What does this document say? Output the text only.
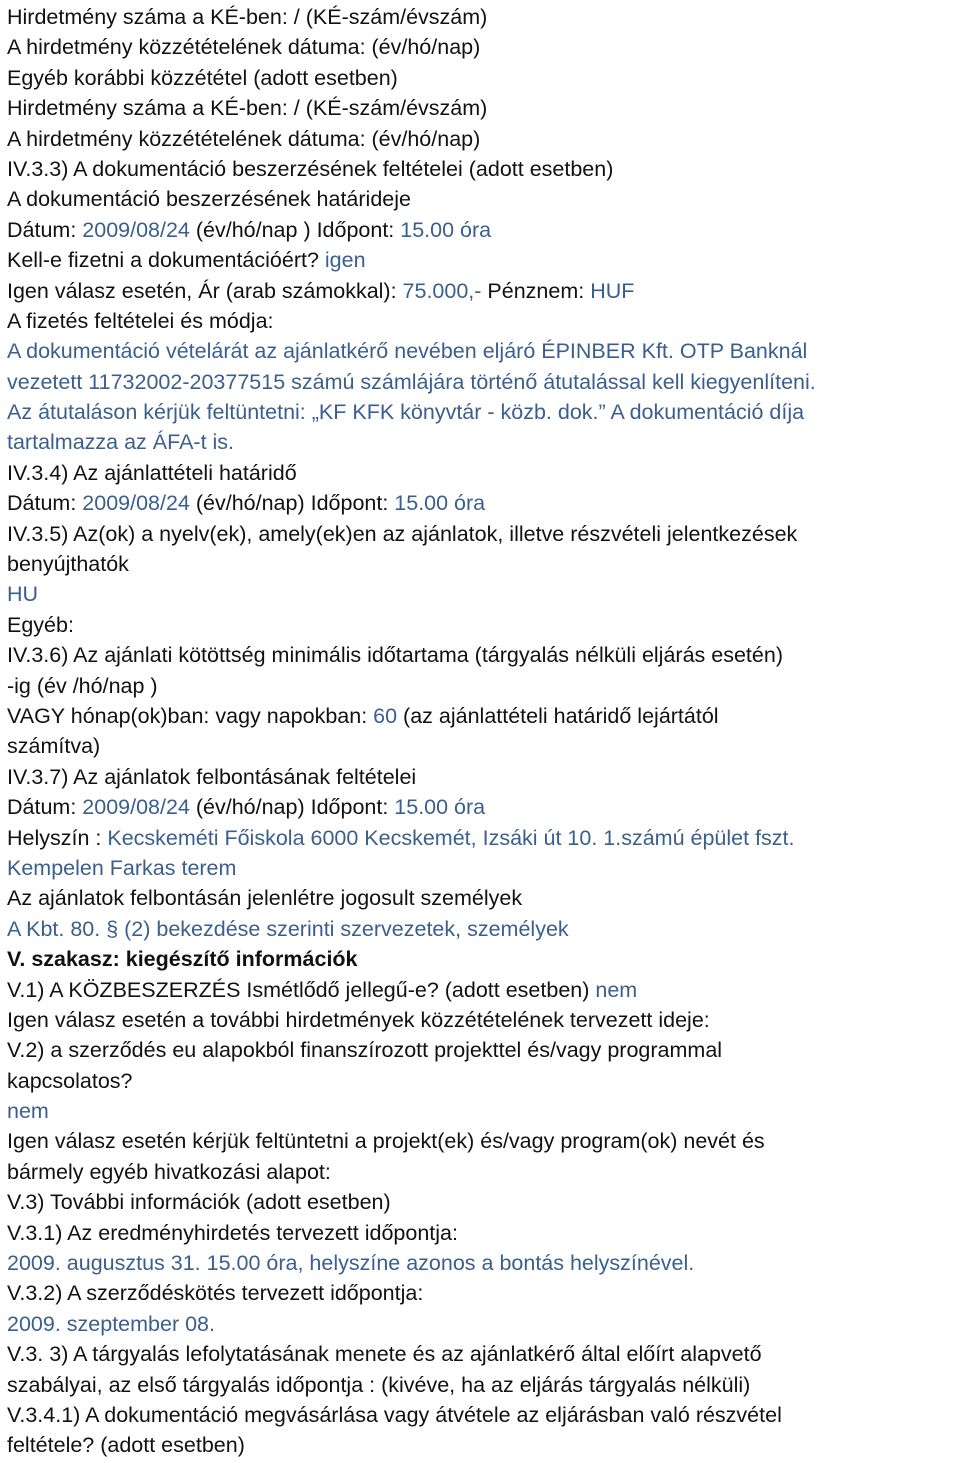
Hirdetmény száma a KÉ-ben: / (KÉ-szám/évszám)
A hirdetmény közzétételének dátuma: (év/hó/nap)
Egyéb korábbi közzététel (adott esetben)
Hirdetmény száma a KÉ-ben: / (KÉ-szám/évszám)
A hirdetmény közzétételének dátuma: (év/hó/nap)
IV.3.3) A dokumentáció beszerzésének feltételei (adott esetben)
A dokumentáció beszerzésének határideje
Dátum: 2009/08/24 (év/hó/nap ) Időpont: 15.00 óra
Kell-e fizetni a dokumentációért? igen
Igen válasz esetén, Ár (arab számokkal): 75.000,- Pénznem: HUF
A fizetés feltételei és módja:
A dokumentáció vételárát az ajánlatkérő nevében eljáró ÉPINBER Kft. OTP Banknál
vezetett 11732002-20377515 számú számlájára történő átutalással kell kiegyenlíteni.
Az átutaláson kérjük feltüntetni: „KF KFK könyvtár - közb. dok.” A dokumentáció díja
tartalmazza az ÁFA-t is.
IV.3.4) Az ajánlattételi határidő
Dátum: 2009/08/24 (év/hó/nap) Időpont: 15.00 óra
IV.3.5) Az(ok) a nyelv(ek), amely(ek)en az ajánlatok, illetve részvételi jelentkezések
benyújthatók
HU
Egyéb:
IV.3.6) Az ajánlati kötöttség minimális időtartama (tárgyalás nélküli eljárás esetén)
-ig (év /hó/nap )
VAGY hónap(ok)ban: vagy napokban: 60 (az ajánlattételi határidő lejártától
számítva)
IV.3.7) Az ajánlatok felbontásának feltételei
Dátum: 2009/08/24 (év/hó/nap) Időpont: 15.00 óra
Helyszín : Kecskeméti Főiskola 6000 Kecskemét, Izsáki út 10. 1.számú épület fszt.
Kempelen Farkas terem
Az ajánlatok felbontásán jelenlétre jogosult személyek
A Kbt. 80. § (2) bekezdése szerinti szervezetek, személyek
V. szakasz: kiegészítő információk
V.1) A KÖZBESZERZÉS Ismétlődő jellegű-e? (adott esetben) nem
Igen válasz esetén a további hirdetmények közzétételének tervezett ideje:
V.2) a szerződés eu alapokból finanszírozott projekttel és/vagy programmal
kapcsolatos?
nem
Igen válasz esetén kérjük feltüntetni a projekt(ek) és/vagy program(ok) nevét és
bármely egyéb hivatkozási alapot:
V.3) További információk (adott esetben)
V.3.1) Az eredményhirdetés tervezett időpontja:
2009. augusztus 31. 15.00 óra, helyszíne azonos a bontás helyszínével.
V.3.2) A szerződéskötés tervezett időpontja:
2009. szeptember 08.
V.3. 3) A tárgyalás lefolytatásának menete és az ajánlatkérő által előírt alapvető
szabályai, az első tárgyalás időpontja : (kivéve, ha az eljárás tárgyalás nélküli)
V.3.4.1) A dokumentáció megvásárlása vagy átvétele az eljárásban való részvétel
feltétele? (adott esetben)
